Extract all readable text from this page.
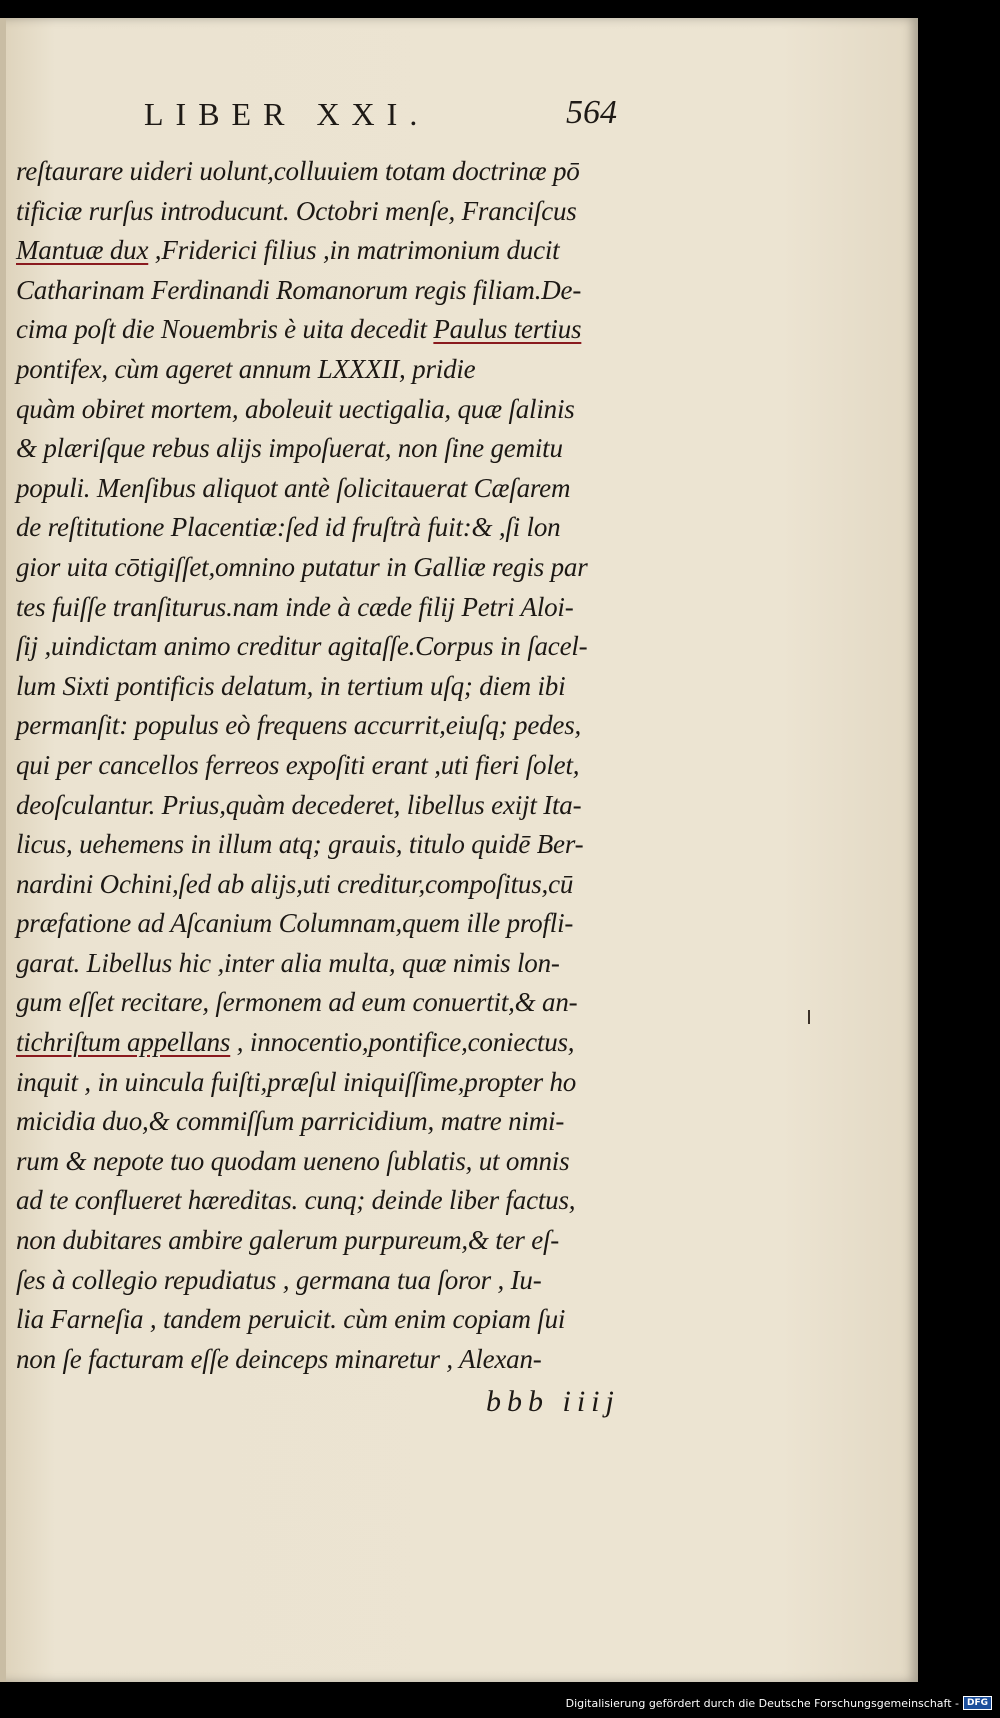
LIBER XXI.	564
reſtaurare uideri uolunt,colluuiem totam doctrinæ pō
tificiæ rurſus introducunt. Octobri menſe, Franciſcus
Mantuæ dux ,Friderici filius ,in matrimonium ducit
Catharinam Ferdinandi Romanorum regis filiam.De-
cima poſt die Nouembris è uita decedit Paulus tertius
pontifex, cùm ageret annum LXXXII, pridie
quàm obiret mortem, aboleuit uectigalia, quæ ſalinis
& plæriſque rebus alijs impoſuerat, non ſine gemitu
populi. Menſibus aliquot antè ſolicitauerat Cæſarem
de reſtitutione Placentiæ:ſed id fruſtrà fuit:& ,ſi lon
gior uita cōtigiſſet,omnino putatur in Galliæ regis par
tes fuiſſe tranſiturus.nam inde à cæde filij Petri Aloi-
ſij ,uindictam animo creditur agitaſſe.Corpus in ſacel-
lum Sixti pontificis delatum, in tertium uſq; diem ibi
permanſit: populus eò frequens accurrit,eiuſq; pedes,
qui per cancellos ferreos expoſiti erant ,uti fieri ſolet,
deoſculantur. Prius,quàm decederet, libellus exijt Ita-
licus, uehemens in illum atq; grauis, titulo quidē Ber-
nardini Ochini,ſed ab alijs,uti creditur,compoſitus,cū
præfatione ad Aſcanium Columnam,quem ille profli-
garat. Libellus hic ,inter alia multa, quæ nimis lon-
gum eſſet recitare, ſermonem ad eum conuertit,& an-
tichriſtum appellans , innocentio,pontifice,coniectus,
inquit , in uincula fuiſti,præſul iniquiſſime,propter ho
micidia duo,& commiſſum parricidium, matre nimi-
rum & nepote tuo quodam ueneno ſublatis, ut omnis
ad te conflueret hæreditas. cunq; deinde liber factus,
non dubitares ambire galerum purpureum,& ter eſ-
ſes à collegio repudiatus , germana tua ſoror , Iu-
lia Farneſia , tandem peruicit. cùm enim copiam ſui
non ſe facturam eſſe deinceps minaretur , Alexan-
bbb iiij
Digitalisierung gefördert durch die Deutsche Forschungsgemeinschaft - DFG
